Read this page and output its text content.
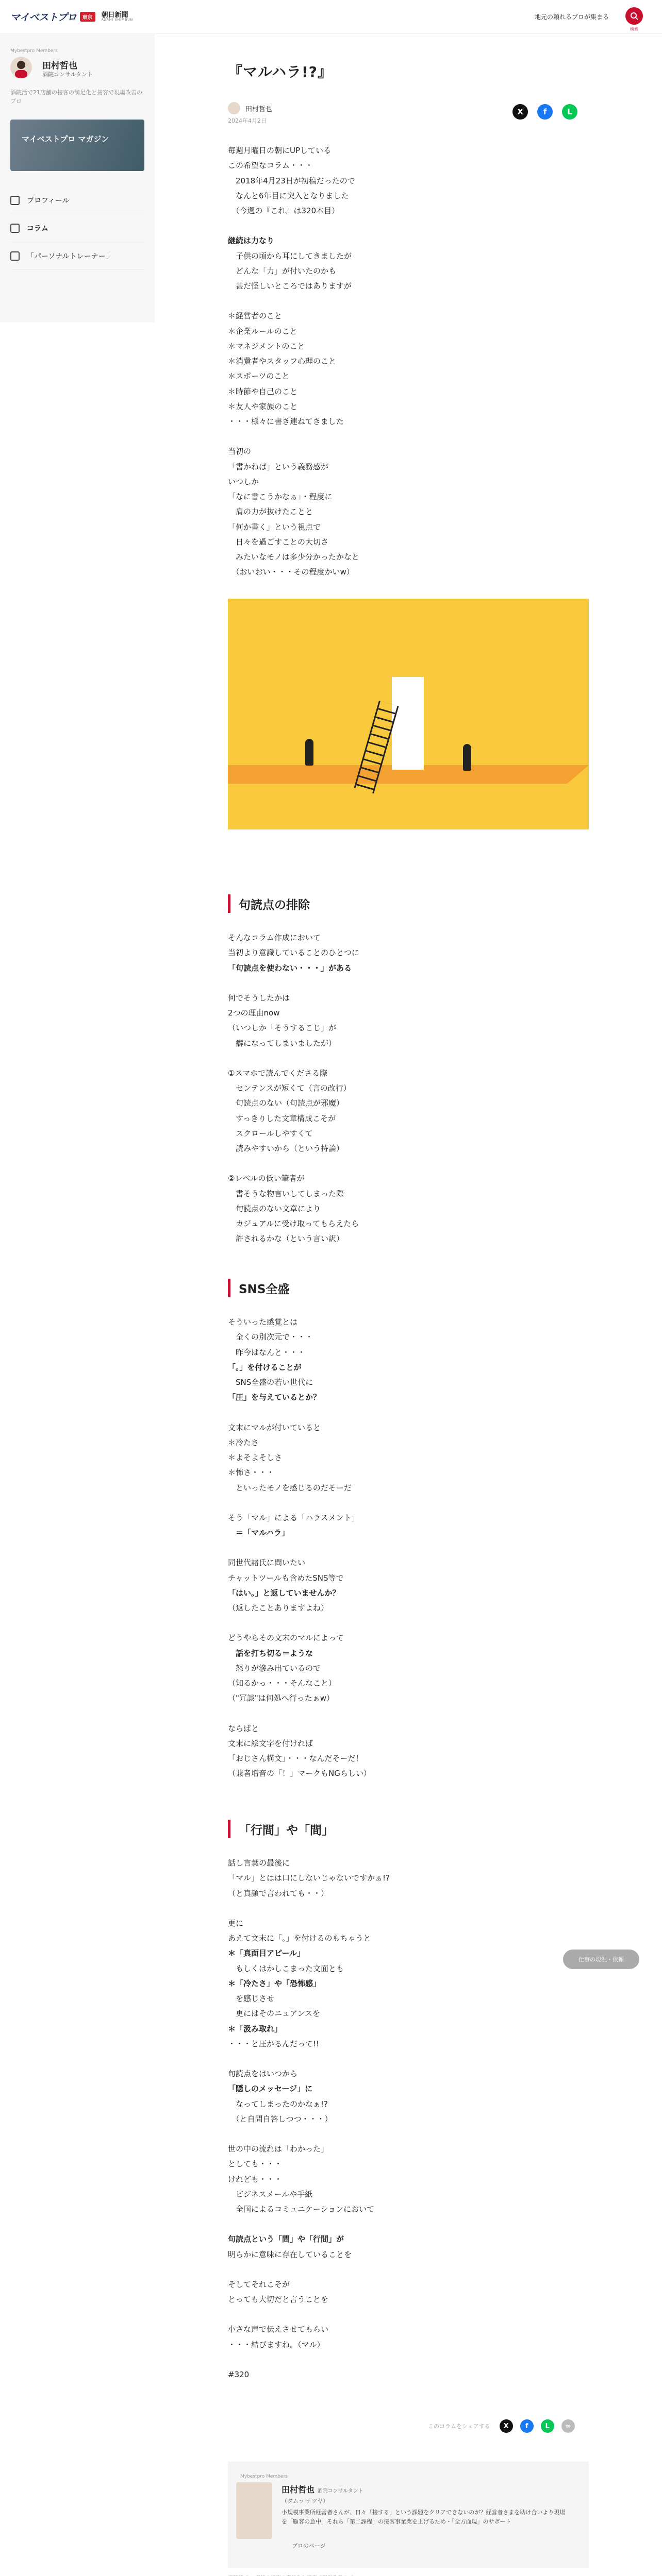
マイベストプロ	東京	朝日新聞
ASAHI SHIMBUN	地元の頼れるプロが集まる
検索
Mybestpro Members
田村哲也
酒院コンサルタント
酒院活で21店舗の接客の満足化と接客で現場改善のプロ
マイベストプロ マガジン
プロフィール
コラム
「パーソナルトレーナー」
『マルハラ!?』
田村哲也
2024年4月2日
X	f	L

毎週月曜日の朝にUPしている

この希望なコラム・・・

　2018年4月23日が初稿だったので

　なんと6年目に突入となりました

　（今週の『これ』は320本目）

継続は力なり

　子供の頃から耳にしてきましたが

　どんな「力」が付いたのかも

　甚だ怪しいところではありますが

＊経営者のこと

＊企業ルールのこと

＊マネジメントのこと

＊消費者やスタッフ心理のこと

＊スポーツのこと

＊時節や自己のこと

＊友人や家族のこと

・・・様々に書き連ねてきました

当初の

「書かねば」という義務感が

いつしか

「なに書こうかなぁ」・程度に

　肩の力が抜けたことと

「何か書く」という視点で

　日々を過ごすことの大切さ

　みたいなモノは多少分かったかなと

　（おいおい・・・その程度かいw）

句読点の排除

そんなコラム作成において

当初より意識していることのひとつに

「句読点を使わない・・・」がある

何でそうしたかは

2つの理由now

（いつしか「そうするこじ」が

　癖になってしまいましたが）

①スマホで読んでくださる際

　センテンスが短くて（言の改行）

　句読点のない（句読点が邪魔）

　すっきりした文章構成こそが

　スクロールしやすくて

　読みやすいから（という持論）

②レベルの低い筆者が

　書そうな物言いしてしまった際

　句読点のない文章により

　カジュアルに受け取ってもらえたら

　許されるかな（という言い訳）

SNS全盛

そういった感覚とは

　全くの別次元で・・・

　昨今はなんと・・・

「。」を付けることが

　SNS全盛の若い世代に

「圧」を与えているとか？

文末にマルが付いていると

＊冷たさ

＊よそよそしさ

＊怖さ・・・

　といったモノを感じるのだそーだ

そう「マル」による「ハラスメント」

　＝「マルハラ」

同世代諸氏に問いたい

チャットツールも含めたSNS等で

「はい。」と返していませんか？

（返したことありますよね）

どうやらその文末のマルによって

　話を打ち切る＝ような

　怒りが滲み出ているので

（知るかっ・・・そんなこと）

（"冗談"は何処へ行ったぁw）

ならばと

文末に絵文字を付ければ

「おじさん構文」・・・なんだそーだ！

（兼者増音の「！」マークもNGらしい）

「行間」や「間」

話し言葉の最後に

「マル」とはは口にしないじゃないですかぁ!?

（と真顔で言われても・・）

更に

あえて文末に「。」を付けるのもちゃうと

＊「真面目アピール」

　もしくはかしこまった文面とも

＊「冷たさ」や「恐怖感」

　を感じさせ

　更にはそのニュアンスを

＊「汲み取れ」

・・・と圧がるんだって!!

句読点をはいつから

「隠しのメッセージ」に

　なってしまったのかなぁ!?

　（と自問自答しつつ・・・）

世の中の流れは「わかった」

としても・・・

けれども・・・

　ビジネスメールや手紙

　全国によるコミュニケーションにおいて

句読点という「間」や「行間」が

明らかに意味に存在していることを

そしてそれこそが

とっても大切だと言うことを

小さな声で伝えさせてもらい

・・・結びますね。（マル）

#320

このコラムをシェアする	X	f	L	∞
Mybestpro Members
田村哲也 酒院コンサルタント
（タムラ テツヤ）
小規模事業所経営者さんが、日々「接する」という課題をクリアできないのが？経営者さまを助け合いより現場を「顧客の意中」それら「第二課程」の接客事業業を上げるため・「全方面現」のサポート
プロのページ
仕事の現況・依頼
